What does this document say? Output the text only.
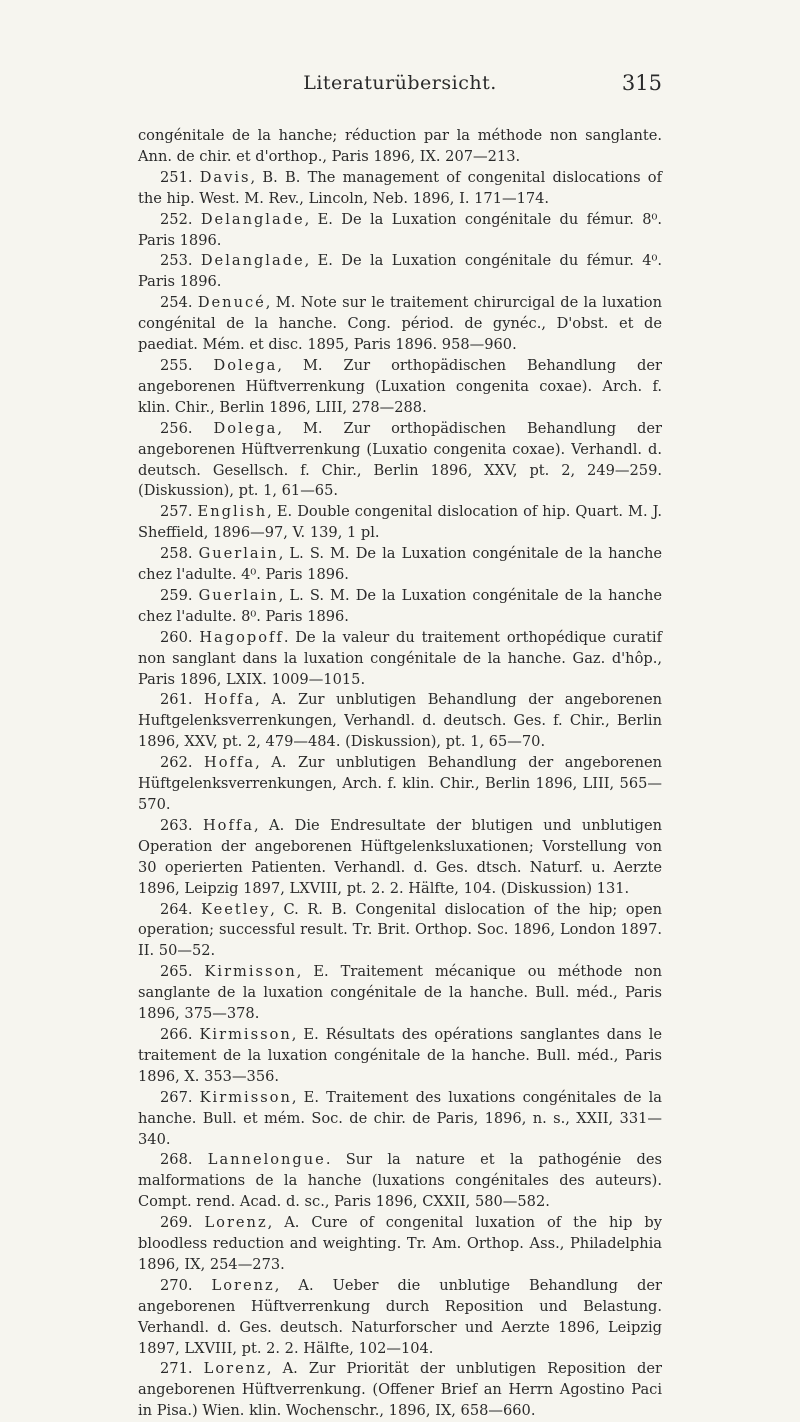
Literaturübersicht.	315

congénitale de la hanche; réduction par la méthode non sanglante. Ann. de chir. et d'orthop., Paris 1896, IX. 207—213.

251. Davis, B. B. The management of congenital dislocations of the hip. West. M. Rev., Lincoln, Neb. 1896, I. 171—174.

252. Delanglade, E. De la Luxation congénitale du fémur. 8⁰. Paris 1896.

253. Delanglade, E. De la Luxation congénitale du fémur. 4⁰. Paris 1896.

254. Denucé, M. Note sur le traitement chirurcigal de la luxation congénital de la hanche. Cong. périod. de gynéc., D'obst. et de paediat. Mém. et disc. 1895, Paris 1896. 958—960.

255. Dolega, M. Zur orthopädischen Behandlung der angeborenen Hüftverrenkung (Luxation congenita coxae). Arch. f. klin. Chir., Berlin 1896, LIII, 278—288.

256. Dolega, M. Zur orthopädischen Behandlung der angeborenen Hüftverrenkung (Luxatio congenita coxae). Verhandl. d. deutsch. Gesellsch. f. Chir., Berlin 1896, XXV, pt. 2, 249—259. (Diskussion), pt. 1, 61—65.

257. English, E. Double congenital dislocation of hip. Quart. M. J. Sheffield, 1896—97, V. 139, 1 pl.

258. Guerlain, L. S. M. De la Luxation congénitale de la hanche chez l'adulte. 4⁰. Paris 1896.

259. Guerlain, L. S. M. De la Luxation congénitale de la hanche chez l'adulte. 8⁰. Paris 1896.

260. Hagopoff. De la valeur du traitement orthopédique curatif non sanglant dans la luxation congénitale de la hanche. Gaz. d'hôp., Paris 1896, LXIX. 1009—1015.

261. Hoffa, A. Zur unblutigen Behandlung der angeborenen Huftgelenksverrenkungen, Verhandl. d. deutsch. Ges. f. Chir., Berlin 1896, XXV, pt. 2, 479—484. (Diskussion), pt. 1, 65—70.

262. Hoffa, A. Zur unblutigen Behandlung der angeborenen Hüftgelenksverrenkungen, Arch. f. klin. Chir., Berlin 1896, LIII, 565—570.

263. Hoffa, A. Die Endresultate der blutigen und unblutigen Operation der angeborenen Hüftgelenksluxationen; Vorstellung von 30 operierten Patienten. Verhandl. d. Ges. dtsch. Naturf. u. Aerzte 1896, Leipzig 1897, LXVIII, pt. 2. 2. Hälfte, 104. (Diskussion) 131.

264. Keetley, C. R. B. Congenital dislocation of the hip; open operation; successful result. Tr. Brit. Orthop. Soc. 1896, London 1897. II. 50—52.

265. Kirmisson, E. Traitement mécanique ou méthode non sanglante de la luxation congénitale de la hanche. Bull. méd., Paris 1896, 375—378.

266. Kirmisson, E. Résultats des opérations sanglantes dans le traitement de la luxation congénitale de la hanche. Bull. méd., Paris 1896, X. 353—356.

267. Kirmisson, E. Traitement des luxations congénitales de la hanche. Bull. et mém. Soc. de chir. de Paris, 1896, n. s., XXII, 331—340.

268. Lannelongue. Sur la nature et la pathogénie des malformations de la hanche (luxations congénitales des auteurs). Compt. rend. Acad. d. sc., Paris 1896, CXXII, 580—582.

269. Lorenz, A. Cure of congenital luxation of the hip by bloodless reduction and weighting. Tr. Am. Orthop. Ass., Philadelphia 1896, IX, 254—273.

270. Lorenz, A. Ueber die unblutige Behandlung der angeborenen Hüftverrenkung durch Reposition und Belastung. Verhandl. d. Ges. deutsch. Naturforscher und Aerzte 1896, Leipzig 1897, LXVIII, pt. 2. 2. Hälfte, 102—104.

271. Lorenz, A. Zur Priorität der unblutigen Reposition der angeborenen Hüftverrenkung. (Offener Brief an Herrn Agostino Paci in Pisa.) Wien. klin. Wochenschr., 1896, IX, 658—660.
